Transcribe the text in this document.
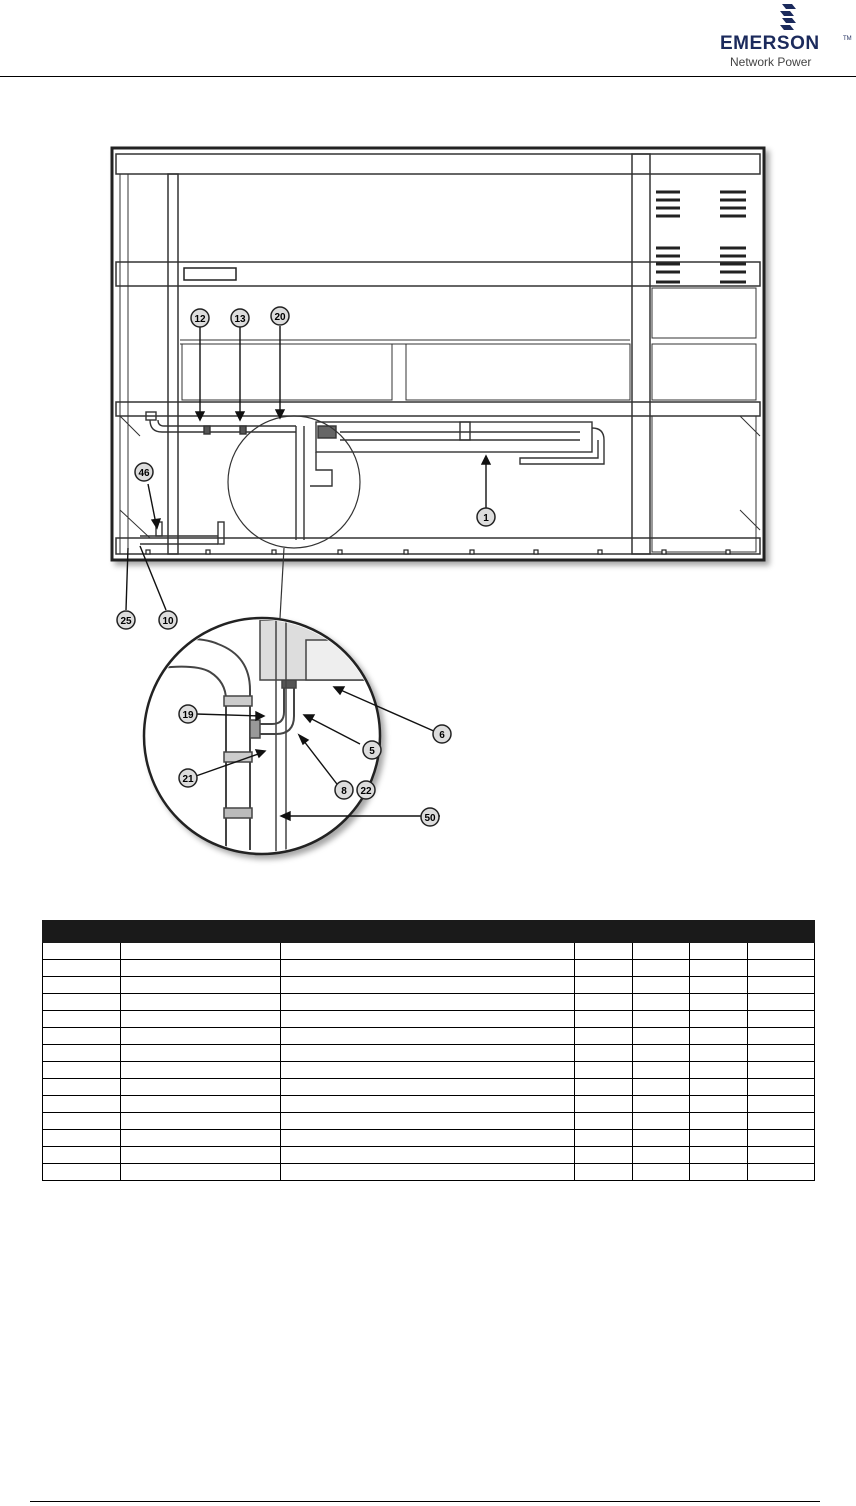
EMERSON	TM
Network Power
12	13	20
46
1
25	10
19
6
5
21
8 22
50
